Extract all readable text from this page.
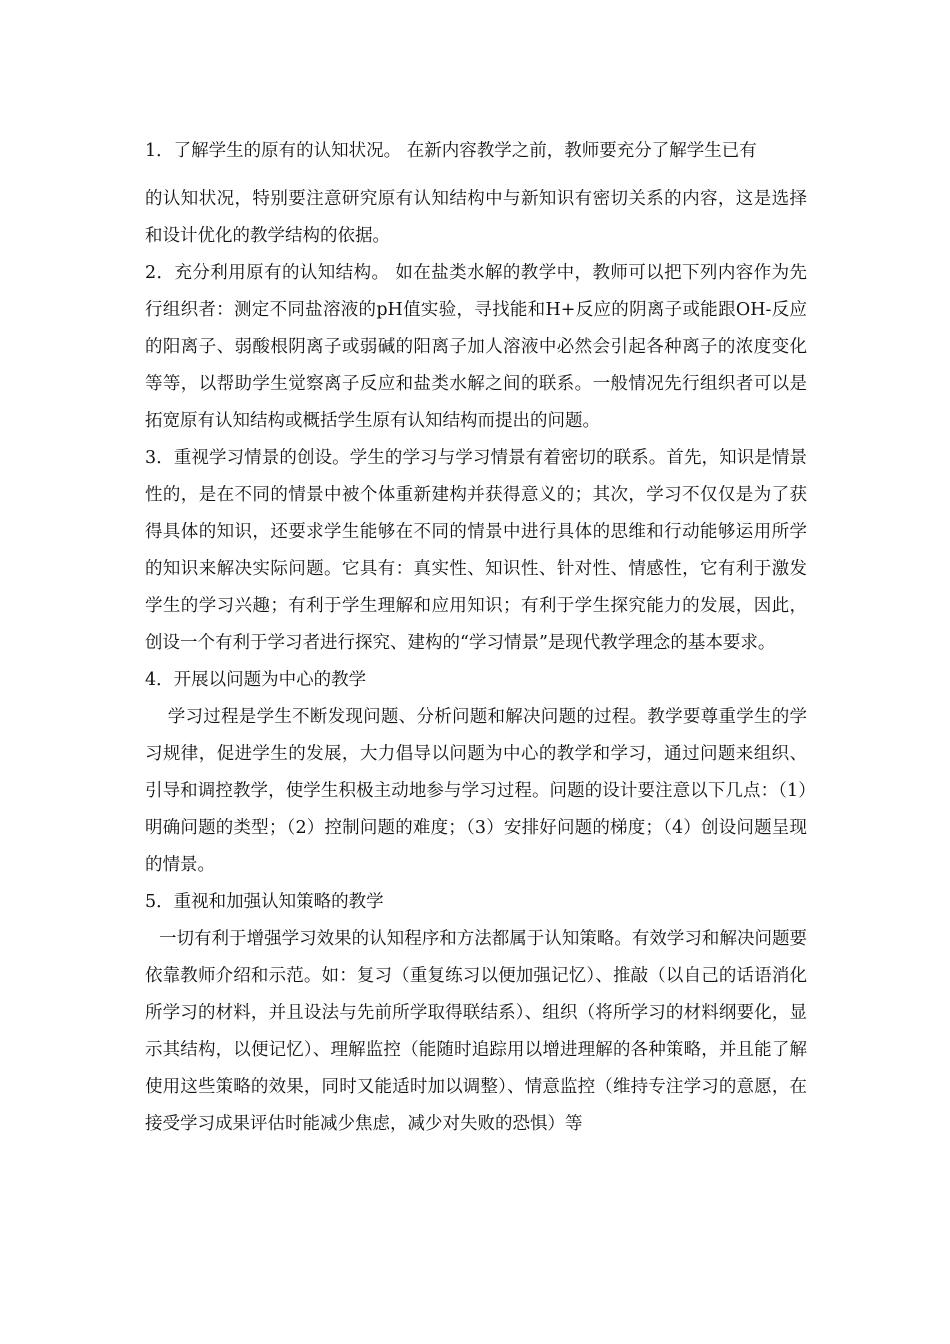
1．了解学生的原有的认知状况。 在新内容教学之前，教师要充分了解学生已有
的认知状况，特别要注意研究原有认知结构中与新知识有密切关系的内容，这是选择和设计优化的教学结构的依据。

2．充分利用原有的认知结构。 如在盐类水解的教学中，教师可以把下列内容作为先行组织者：测定不同盐溶液的pH值实验，寻找能和H+反应的阴离子或能跟OH-反应的阳离子、弱酸根阴离子或弱碱的阳离子加人溶液中必然会引起各种离子的浓度变化等等，以帮助学生觉察离子反应和盐类水解之间的联系。一般情况先行组织者可以是拓宽原有认知结构或概括学生原有认知结构而提出的问题。

3．重视学习情景的创设。学生的学习与学习情景有着密切的联系。首先，知识是情景性的，是在不同的情景中被个体重新建构并获得意义的；其次，学习不仅仅是为了获得具体的知识，还要求学生能够在不同的情景中进行具体的思维和行动能够运用所学的知识来解决实际问题。它具有：真实性、知识性、针对性、情感性，它有利于激发学生的学习兴趣；有利于学生理解和应用知识；有利于学生探究能力的发展，因此，创设一个有利于学习者进行探究、建构的“学习情景”是现代教学理念的基本要求。

4．开展以问题为中心的教学

学习过程是学生不断发现问题、分析问题和解决问题的过程。教学要尊重学生的学习规律，促进学生的发展，大力倡导以问题为中心的教学和学习，通过问题来组织、引导和调控教学，使学生积极主动地参与学习过程。问题的设计要注意以下几点：（1）明确问题的类型；（2）控制问题的难度；（3）安排好问题的梯度；（4）创设问题呈现的情景。

5．重视和加强认知策略的教学

一切有利于增强学习效果的认知程序和方法都属于认知策略。有效学习和解决问题要依靠教师介绍和示范。如：复习（重复练习以便加强记忆）、推敲（以自己的话语消化所学习的材料，并且设法与先前所学取得联结系）、组织（将所学习的材料纲要化，显示其结构，以便记忆）、理解监控（能随时追踪用以增进理解的各种策略，并且能了解使用这些策略的效果，同时又能适时加以调整）、情意监控（维持专注学习的意愿，在接受学习成果评估时能减少焦虑，减少对失败的恐惧）等
